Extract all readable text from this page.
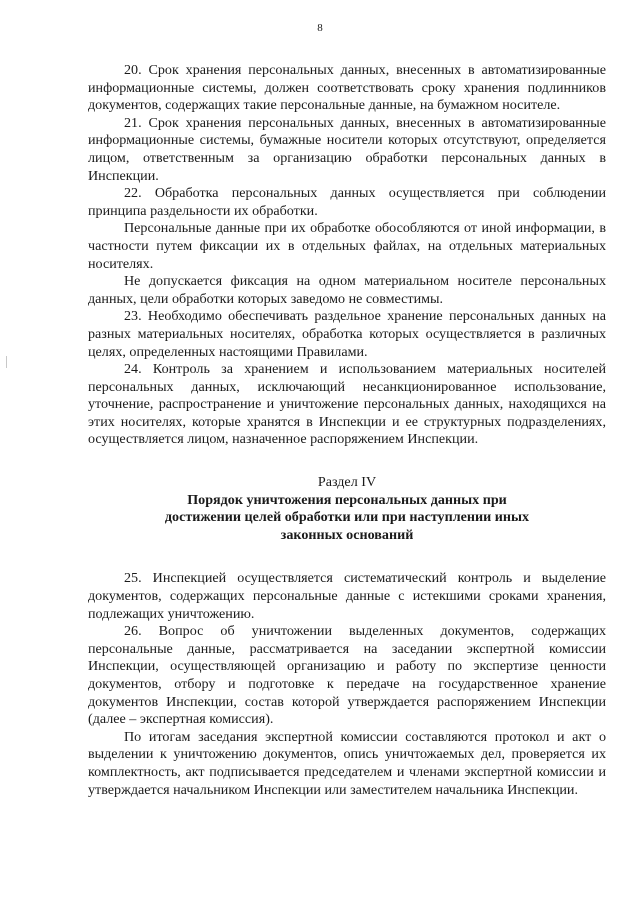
8

20. Срок хранения персональных данных, внесенных в автоматизированные информационные системы, должен соответствовать сроку хранения подлинников документов, содержащих такие персональные данные, на бумажном носителе.

21. Срок хранения персональных данных, внесенных в автоматизированные информационные системы, бумажные носители которых отсутствуют, определяется лицом, ответственным за организацию обработки персональных данных в Инспекции.

22. Обработка персональных данных осуществляется при соблюдении принципа раздельности их обработки.

Персональные данные при их обработке обособляются от иной информации, в частности путем фиксации их в отдельных файлах, на отдельных материальных носителях.

Не допускается фиксация на одном материальном носителе персональных данных, цели обработки которых заведомо не совместимы.

23. Необходимо обеспечивать раздельное хранение персональных данных на разных материальных носителях, обработка которых осуществляется в различных целях, определенных настоящими Правилами.

24. Контроль за хранением и использованием материальных носителей персональных данных, исключающий несанкционированное использование, уточнение, распространение и уничтожение персональных данных, находящихся на этих носителях, которые хранятся в Инспекции и ее структурных подразделениях, осуществляется лицом, назначенное распоряжением Инспекции.

Раздел IV
Порядок уничтожения персональных данных при достижении целей обработки или при наступлении иных законных оснований

25. Инспекцией осуществляется систематический контроль и выделение документов, содержащих персональные данные с истекшими сроками хранения, подлежащих уничтожению.

26. Вопрос об уничтожении выделенных документов, содержащих персональные данные, рассматривается на заседании экспертной комиссии Инспекции, осуществляющей организацию и работу по экспертизе ценности документов, отбору и подготовке к передаче на государственное хранение документов Инспекции, состав которой утверждается распоряжением Инспекции (далее – экспертная комиссия).

По итогам заседания экспертной комиссии составляются протокол и акт о выделении к уничтожению документов, опись уничтожаемых дел, проверяется их комплектность, акт подписывается председателем и членами экспертной комиссии и утверждается начальником Инспекции или заместителем начальника Инспекции.
